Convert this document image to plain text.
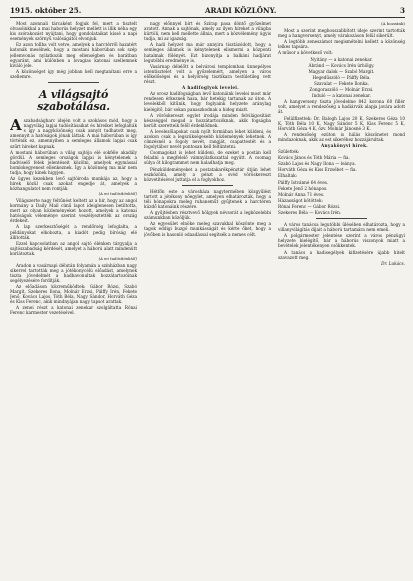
1915. október 25.	ARADI KÖZLÖNY.	3

Most azonnali tárcaként fogjuk fel, mert a tisztelt olvasóinkkal a mai haborús helyzet mellett is illik néha egy kis szórakozást nyújtani, hogy gondolataikat kissé a napi események szörnyű valóságától elvonjuk.

Ez azon tollba volt vetve, amelyek a harctérről hazatért katonák mesélnek, hogy a mostani háborúban sok szép jellemvonás nyilatkozik meg ellenségben és barátban egyaránt, ami különben a lovagias katonai szellemnek kiváló jele.

A közönséget így még jobban kell megtanítani erre a szellemre.

A világsajtó szabotálása.
A szabadságharc idején volt a szokásos mód, hogy a nagyvilág lapjai tudósításaikat és híreiket lefoglalták s így a nagyközönség csak annyit tudhatott meg, amennyit a hatóságok jónak láttak. A mai háborúban is így történik ez, amennyiben a semleges államok lapjai csak szűrt híreket kapnak.

A mostani háborúban a világ sajtója elé sokféle akadály gördül. A semleges országok lapjai is kénytelenek a hadviselő felek jelentéseit közölni, amelyek egymással homlokegyenest ellenkeznek. Így a közönség ma már nem tudja, hogy kinek higyjen.

Az ügyes kezekben levő sajtóiroda munkája az, hogy a hírek közül csak azokat engedje át, amelyek a közhangulatot nem rontják.

(A mi tudósítónktól)

Világszerte nagy feltűnést keltett az a hír, hogy az angol kormány a Daily Mail című lapot ideiglenesen betiltotta, mert az olyan közleményeket hozott, amelyek a katonai hatóságok véleménye szerint veszélyeztették az ország érdekeit.

A lap szerkesztőségét a rendőrség lefoglalta, a példányokat elkobozta, a kiadót pedig bíróság elé állították.

Ezzel kapcsolatban az angol sajtó élénken tárgyalja a sajtószabadság kérdését, amelyet a háború alatt mindenütt korlátoztak.

(A mi tudósítónktól)

Aradon a vasárnapi délután folyamán a színházban nagy sikerrel tartották meg a jótékonycélú előadást, amelynek tiszta jövedelmét a hadbavonultak hozzátartozóinak segélyezésére fordítják.

Az előadáson közreműködtek: Gábor Rózsi, Szabó Margit, Szekeres Ilona, Molnár Erzsi, Pálffy Irén, Fekete Jenő, Kovács Lajos, Tóth Béla, Nagy Sándor, Horváth Géza és Kiss Ferenc, akik mindnyájan nagy tapsot arattak.

A zenei részt a katonai zenekar szolgáltatta Rónai Ferenc karmester vezetésével.

nagy előnnyel bírt és Szirap pasa döntő győzelmet aratott. Annak a sajtónak, amely az ilyen híreket a világba kürtöli, nem kell mellette állnia, mert a közvélemény úgyis tudja, mi az igazság.

A hadi helyzet ma már annyira tisztázódott, hogy a semleges államok is kénytelenek elismerni a központi hatalmak fölényét. Ezt bizonyítja a balkáni hadjárat legutóbbi eredménye is.

Vasárnap délelőtt a belvárosi templomban ünnepélyes istentisztelet volt a győzelemért, amelyen a város előkelőségei és a helyőrség tisztikara testületileg vett részt.

A hadifoglyok levelei.

Az orosz hadifogságban levő katonáink levelei most már rendesen érkeznek haza, bár hetekig tartanak az úton. A levelekből kitűnik, hogy foglyaink helyzete aránylag kielégítő, bár sokan panaszkodnak a hideg miatt.

A vöröskereszt egylet irodája minden felvilágosítást készséggel megad a hozzátartozóknak, akik fogságba került szeretteik felől érdeklődnek.

A levelezőlapokat csak nyílt formában lehet küldeni, és azokon csak a legszükségesebb közlemények lehetnek. A címzésnél a fogoly nevét, rangját, csapattestét és a fogolytábor nevét pontosan kell feltüntetni.

Csomagokat is lehet küldeni, de ezeket a postán kell feladni a megfelelő vámnyilatkozattal együtt. A csomag súlya öt kilogrammot nem haladhatja meg.

Pénzküldeményeket a postatakarékpénztár útján lehet eszközölni, amely a pénzt a svéd vöröskereszt közvetítésével juttatja el a foglyokhoz.

Hétfőn este a városháza nagytermében közgyűlést tartott a jótékony nőegylet, amelyen elhatározták, hogy a téli hónapokra meleg ruhaneműt gyűjtenek a harctéren küzdő katonáink részére.

A gyűjtésben résztvevő hölgyek névsorát a legközelebbi számunkban közöljük.

Az egyesület elnöke meleg szavakkal köszönte meg a tagok eddigi buzgó munkásságát és kérte őket, hogy a jövőben is hasonló odaadással segítsék a nemes célt.

(A hozzánk)

Most a szerint meghosszabbított ideje szerint tartották meg a hangversenyt, amely várakozáson felül sikerült.

A legtöbb zeneszámot megismételni kellett a közönség lelkes tapsára.

A műsor a következő volt:

Nyitány — a katonai zenekar.

Ábránd — Kovács Irén úrhölgy.

Magyar dalok — Szabó Margit.

Hegedűszóló — Pálffy Béla.

Szavalat — Fekete Ilonka.

Zongoraszóló — Molnár Erzsi.

Induló — a katonai zenekar.

A hangverseny tiszta jövedelme 842 korona 60 fillér volt, amelyet a rendezőség a hadiárvák alapja javára adott át.

Felülfizettek: Dr. Balogh Lajos 20 K, Szekeres Géza 10 K, Tóth Béla 10 K, Nagy Sándor 5 K, Kiss Ferenc 5 K, Horváth Géza 4 K, özv. Molnár Jánosné 3 K.

A rendezőség ezúton is hálás köszönetet mond mindazoknak, akik az est sikeréhez hozzájárultak.

Anyakönyvi hírek.

Születtek:

Kovács János és Tóth Mária — fia.

Szabó Lajos és Nagy Ilona — leánya.

Horváth Géza és Kiss Erzsébet — fia.

Elhaltak:

Pálffy Istvánné 64 éves.

Fekete Jenő 2 hónapos.

Molnár Anna 71 éves.

Házasságot kötöttek:

Rónai Ferenc — Gábor Rózsi.

Szekeres Béla — Kovács Irén.

A város tanácsa legutóbbi ülésében elhatározta, hogy a villanyvilágítás díjait a háború tartamára nem emeli.

A polgármester jelentése szerint a város pénzügyi helyzete kielégítő, bár a háborús viszonyok miatt a bevételek jelentékenyen csökkentek.

A tanács a hadisegélyek kifizetésére újabb hitelt szavazott meg.

Dr. Lukács.
